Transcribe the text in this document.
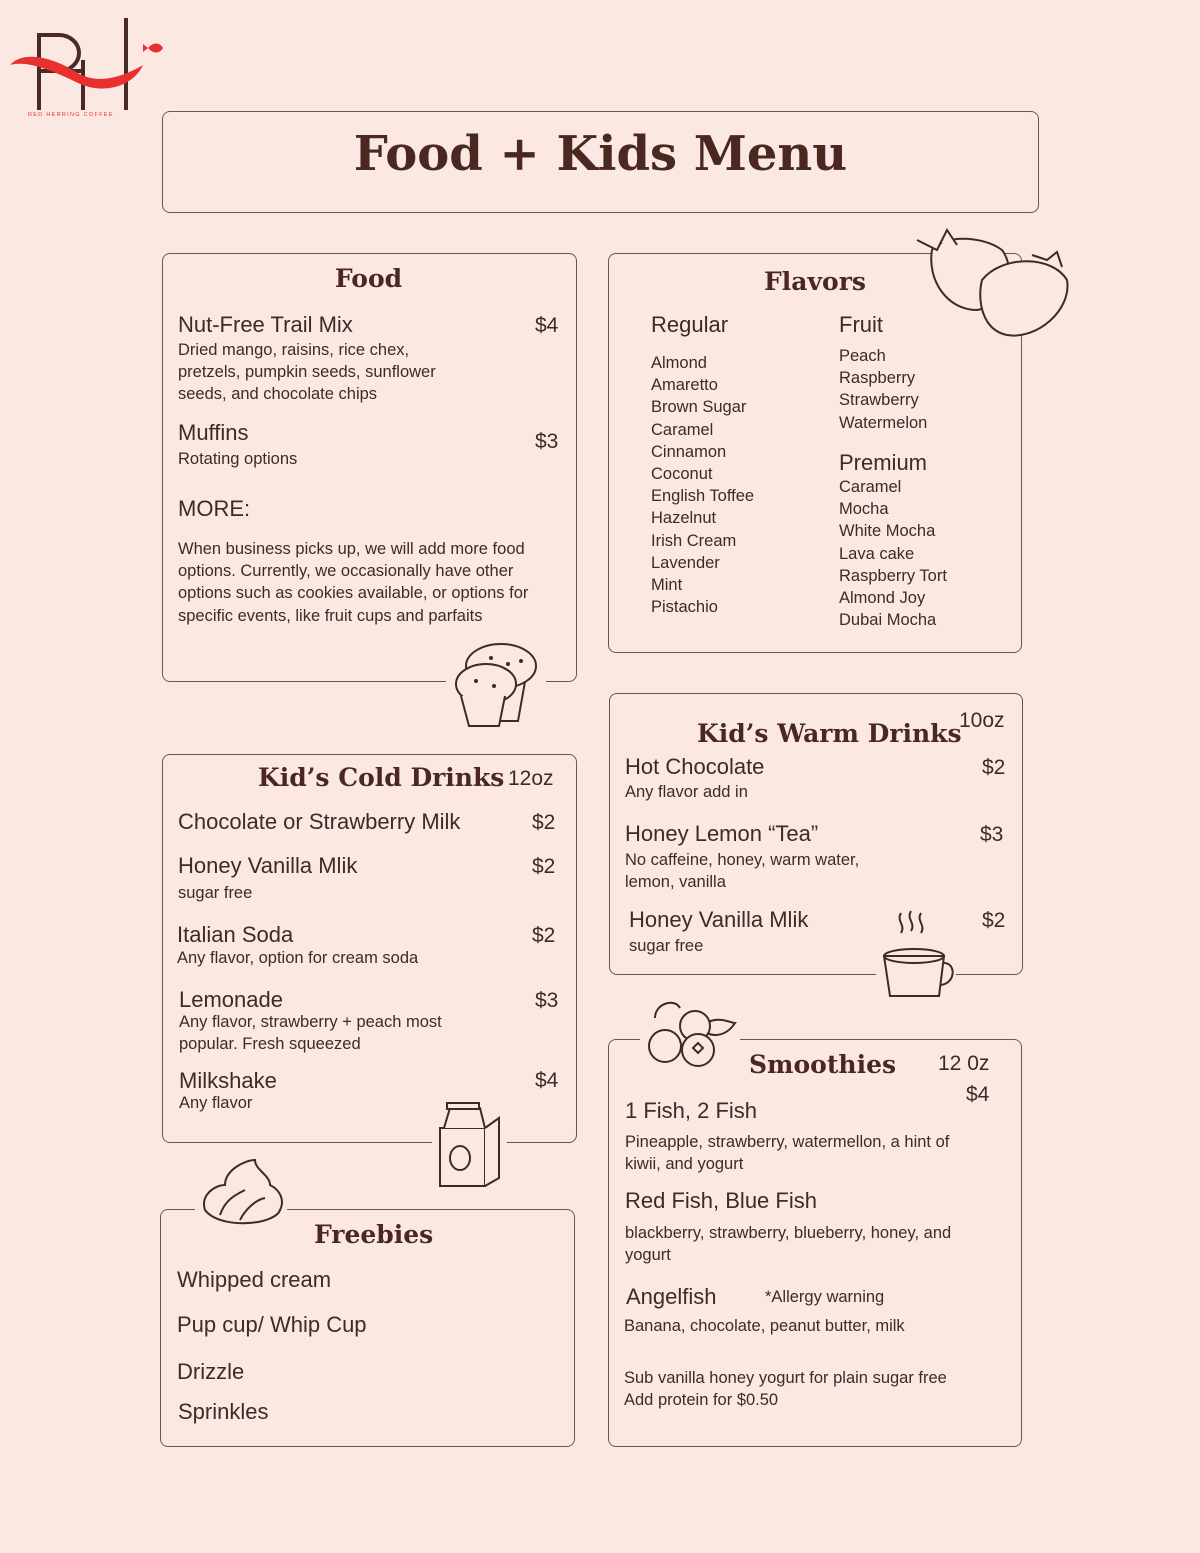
RED HERRING COFFEE
Food + Kids Menu
Food
Nut-Free Trail Mix	$4
Dried mango, raisins, rice chex,
pretzels, pumpkin seeds, sunflower
seeds, and chocolate chips
Muffins	$3
Rotating options
MORE:
When business picks up, we will add more food
options. Currently, we occasionally have other
options such as cookies available, or options for
specific events, like fruit cups and parfaits
Flavors
Regular
Almond
Amaretto
Brown Sugar
Caramel
Cinnamon
Coconut
English Toffee
Hazelnut
Irish Cream
Lavender
Mint
Pistachio
Fruit
Peach
Raspberry
Strawberry
Watermelon
Premium
Caramel
Mocha
White Mocha
Lava cake
Raspberry Tort
Almond Joy
Dubai Mocha
Kid’s Warm Drinks
10oz
Hot Chocolate	$2
Any flavor add in
Honey Lemon “Tea”	$3
No caffeine, honey, warm water,
lemon, vanilla
Honey Vanilla Mlik	$2
sugar free
Kid’s Cold Drinks 12oz
Chocolate or Strawberry Milk	$2
Honey Vanilla Mlik	$2
sugar free
Italian Soda	$2
Any flavor, option for cream soda
Lemonade	$3
Any flavor, strawberry + peach most
popular. Fresh squeezed
Milkshake	$4
Any flavor
Freebies
Whipped cream
Pup cup/ Whip Cup
Drizzle
Sprinkles
Smoothies 12 0z
$4
1 Fish, 2 Fish
Pineapple, strawberry, watermellon, a hint of
kiwii, and yogurt
Red Fish, Blue Fish
blackberry, strawberry, blueberry, honey, and
yogurt
Angelfish	*Allergy warning
Banana, chocolate, peanut butter, milk
Sub vanilla honey yogurt for plain sugar free
Add protein for $0.50
